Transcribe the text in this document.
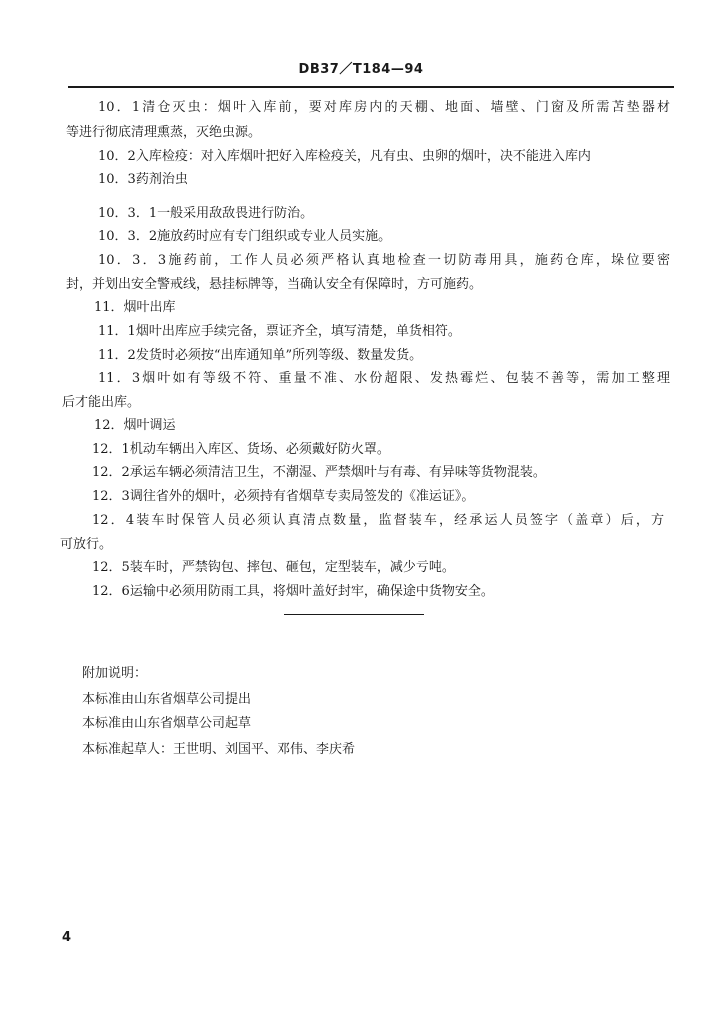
DB37／T184—94
10．1清仓灭虫：烟叶入库前，要对库房内的天棚、地面、墙壁、门窗及所需苫垫器材
等进行彻底清理熏蒸，灭绝虫源。
10．2入库检疫：对入库烟叶把好入库检疫关，凡有虫、虫卵的烟叶，决不能进入库内
10．3药剂治虫
10．3．1一般采用敌敌畏进行防治。
10．3．2施放药时应有专门组织或专业人员实施。
10．3．3施药前，工作人员必须严格认真地检查一切防毒用具，施药仓库，垛位要密
封，并划出安全警戒线，悬挂标牌等，当确认安全有保障时，方可施药。
11．烟叶出库
11．1烟叶出库应手续完备，票证齐全，填写清楚，单货相符。
11．2发货时必须按“出库通知单”所列等级、数量发货。
11．3烟叶如有等级不符、重量不准、水份超限、发热霉烂、包装不善等，需加工整理
后才能出库。
12．烟叶调运
12．1机动车辆出入库区、货场、必须戴好防火罩。
12．2承运车辆必须清洁卫生，不潮湿、严禁烟叶与有毒、有异味等货物混装。
12．3调往省外的烟叶，必须持有省烟草专卖局签发的《准运证》。
12．4装车时保管人员必须认真清点数量，监督装车，经承运人员签字（盖章）后，方
可放行。
12．5装车时，严禁钩包、摔包、砸包，定型装车，减少亏吨。
12．6运输中必须用防雨工具，将烟叶盖好封牢，确保途中货物安全。
附加说明：
本标准由山东省烟草公司提出
本标准由山东省烟草公司起草
本标准起草人：王世明、刘国平、邓伟、李庆希
4
